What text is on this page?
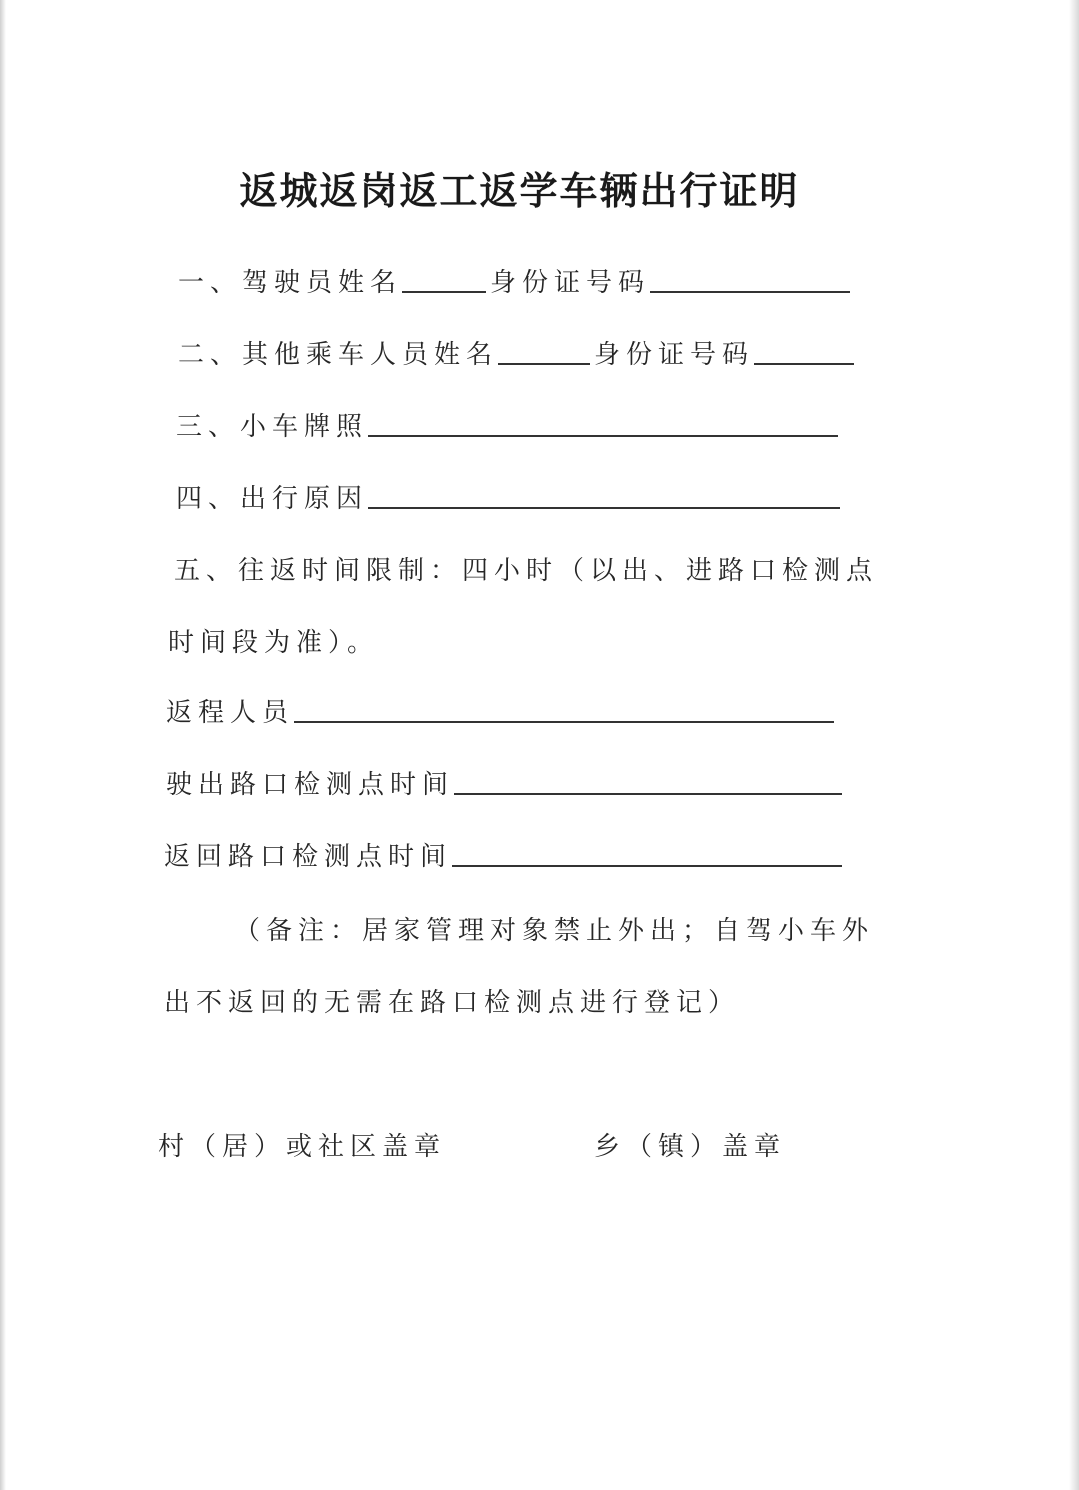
返城返岗返工返学车辆出行证明
一、驾驶员姓名	身份证号码
二、其他乘车人员姓名	身份证号码
三、小车牌照
四、出行原因
五、往返时间限制：四小时（以出、进路口检测点
时间段为准）。
返程人员
驶出路口检测点时间
返回路口检测点时间
（备注：居家管理对象禁止外出；自驾小车外
出不返回的无需在路口检测点进行登记）
村（居）或社区盖章	乡（镇）盖章
